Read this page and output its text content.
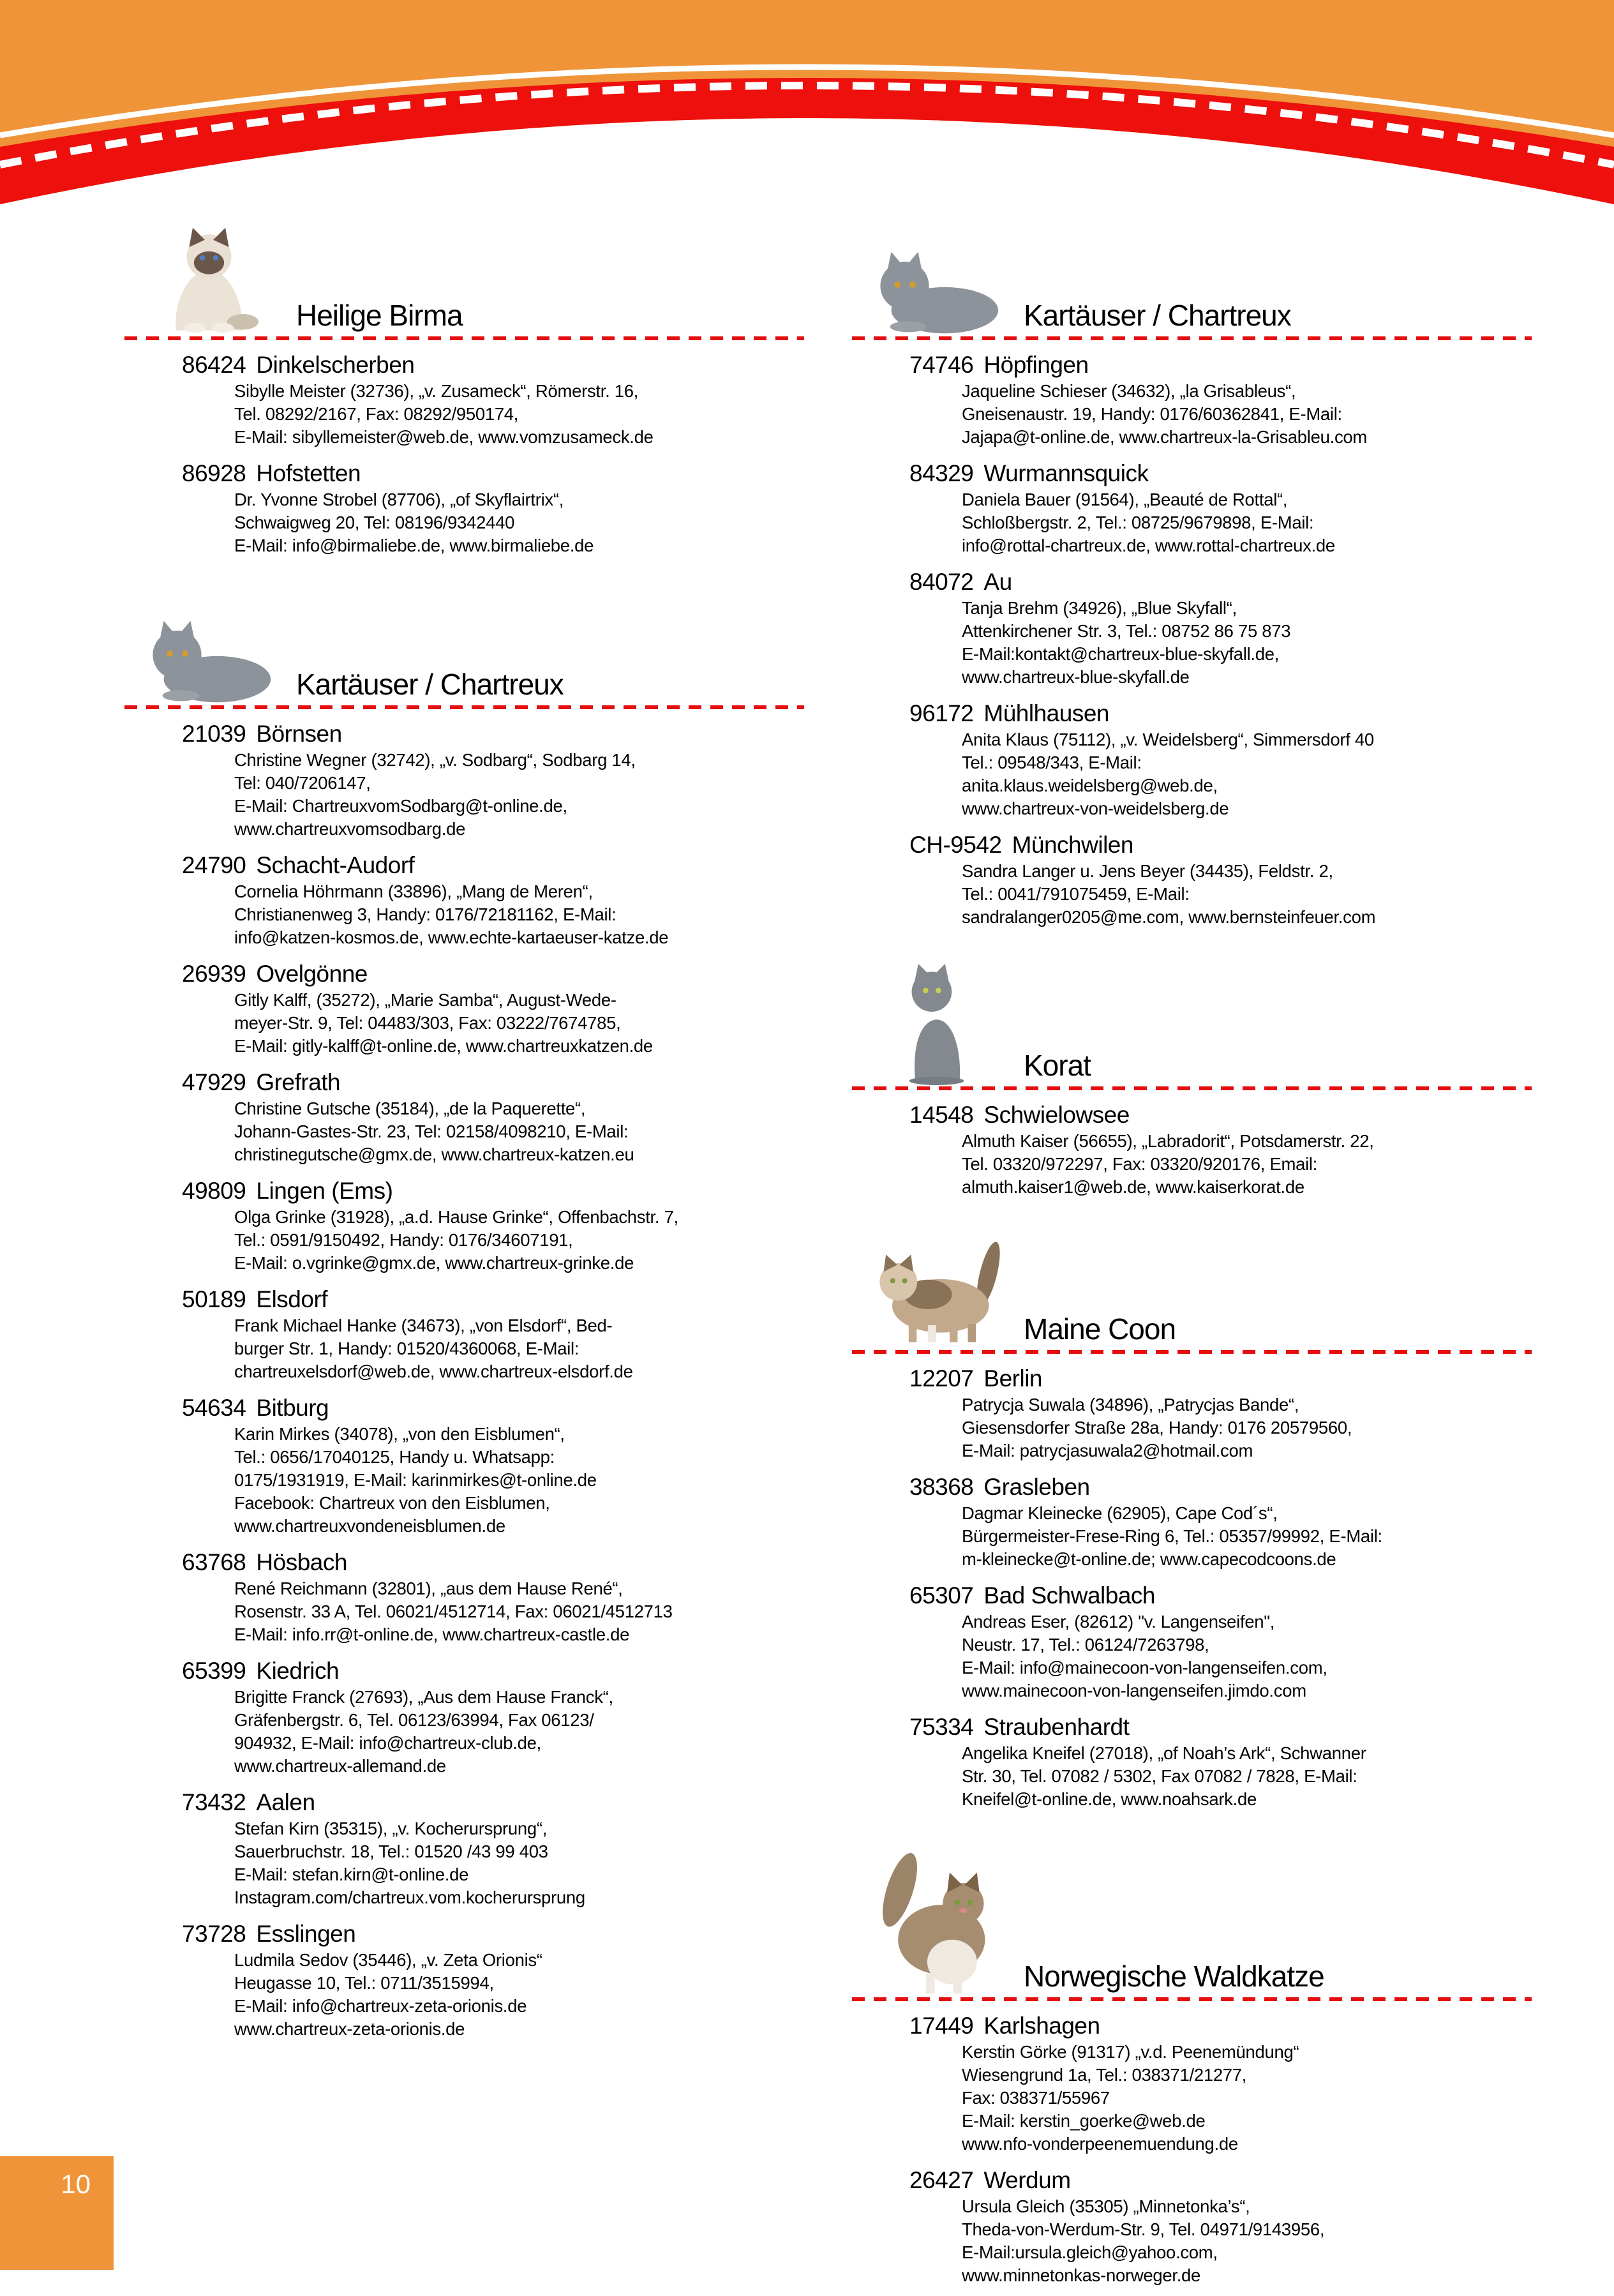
Heilige Birma
86424 Dinkelscherben
Sibylle Meister (32736), „v. Zusameck“, Römerstr. 16,
Tel. 08292/2167, Fax: 08292/950174,
E-Mail: sibyllemeister@web.de, www.vomzusameck.de
86928 Hofstetten
Dr. Yvonne Strobel (87706), „of Skyflairtrix“,
Schwaigweg 20, Tel: 08196/9342440
E-Mail: info@birmaliebe.de, www.birmaliebe.de
Kartäuser / Chartreux
21039 Börnsen
Christine Wegner (32742), „v. Sodbarg“, Sodbarg 14,
Tel: 040/7206147,
E-Mail: ChartreuxvomSodbarg@t-online.de,
www.chartreuxvomsodbarg.de
24790 Schacht-Audorf
Cornelia Höhrmann (33896), „Mang de Meren“,
Christianenweg 3, Handy: 0176/72181162, E-Mail:
info@katzen-kosmos.de, www.echte-kartaeuser-katze.de
26939 Ovelgönne
Gitly Kalff, (35272), „Marie Samba“, August-Wede-
meyer-Str. 9, Tel: 04483/303, Fax: 03222/7674785,
E-Mail: gitly-kalff@t-online.de, www.chartreuxkatzen.de
47929 Grefrath
Christine Gutsche (35184), „de la Paquerette“,
Johann-Gastes-Str. 23, Tel: 02158/4098210, E-Mail:
christinegutsche@gmx.de, www.chartreux-katzen.eu
49809 Lingen (Ems)
Olga Grinke (31928), „a.d. Hause Grinke“, Offenbachstr. 7,
Tel.: 0591/9150492, Handy: 0176/34607191,
E-Mail: o.vgrinke@gmx.de, www.chartreux-grinke.de
50189 Elsdorf
Frank Michael Hanke (34673), „von Elsdorf“, Bed-
burger Str. 1, Handy: 01520/4360068, E-Mail:
chartreuxelsdorf@web.de, www.chartreux-elsdorf.de
54634 Bitburg
Karin Mirkes (34078), „von den Eisblumen“,
Tel.: 0656/17040125, Handy u. Whatsapp:
0175/1931919, E-Mail: karinmirkes@t-online.de
Facebook: Chartreux von den Eisblumen,
www.chartreuxvondeneisblumen.de
63768 Hösbach
René Reichmann (32801), „aus dem Hause René“,
Rosenstr. 33 A, Tel. 06021/4512714, Fax: 06021/4512713
E-Mail: info.rr@t-online.de, www.chartreux-castle.de
65399 Kiedrich
Brigitte Franck (27693), „Aus dem Hause Franck“,
Gräfenbergstr. 6, Tel. 06123/63994, Fax 06123/
904932, E-Mail: info@chartreux-club.de,
www.chartreux-allemand.de
73432 Aalen
Stefan Kirn (35315), „v. Kocherursprung“,
Sauerbruchstr. 18, Tel.: 01520 /43 99 403
E-Mail: stefan.kirn@t-online.de
Instagram.com/chartreux.vom.kocherursprung
73728 Esslingen
Ludmila Sedov (35446), „v. Zeta Orionis“
Heugasse 10, Tel.: 0711/3515994,
E-Mail: info@chartreux-zeta-orionis.de
www.chartreux-zeta-orionis.de
Kartäuser / Chartreux
74746 Höpfingen
Jaqueline Schieser (34632), „la Grisableus“,
Gneisenaustr. 19, Handy: 0176/60362841, E-Mail:
Jajapa@t-online.de, www.chartreux-la-Grisableu.com
84329 Wurmannsquick
Daniela Bauer (91564), „Beauté de Rottal“,
Schloßbergstr. 2, Tel.: 08725/9679898, E-Mail:
info@rottal-chartreux.de, www.rottal-chartreux.de
84072 Au
Tanja Brehm (34926), „Blue Skyfall“,
Attenkirchener Str. 3, Tel.: 08752 86 75 873
E-Mail:kontakt@chartreux-blue-skyfall.de,
www.chartreux-blue-skyfall.de
96172 Mühlhausen
Anita Klaus (75112), „v. Weidelsberg“, Simmersdorf 40
Tel.: 09548/343, E-Mail:
anita.klaus.weidelsberg@web.de,
www.chartreux-von-weidelsberg.de
CH-9542 Münchwilen
Sandra Langer u. Jens Beyer (34435), Feldstr. 2,
Tel.: 0041/791075459, E-Mail:
sandralanger0205@me.com, www.bernsteinfeuer.com
Korat
14548 Schwielowsee
Almuth Kaiser (56655), „Labradorit“, Potsdamerstr. 22,
Tel. 03320/972297, Fax: 03320/920176, Email:
almuth.kaiser1@web.de, www.kaiserkorat.de
Maine Coon
12207 Berlin
Patrycja Suwala (34896), „Patrycjas Bande“,
Giesensdorfer Straße 28a, Handy: 0176 20579560,
E-Mail: patrycjasuwala2@hotmail.com
38368 Grasleben
Dagmar Kleinecke (62905), Cape Cod´s“,
Bürgermeister-Frese-Ring 6, Tel.: 05357/99992, E-Mail:
m-kleinecke@t-online.de; www.capecodcoons.de
65307 Bad Schwalbach
Andreas Eser, (82612) "v. Langenseifen",
Neustr. 17, Tel.: 06124/7263798,
E-Mail: info@mainecoon-von-langenseifen.com,
www.mainecoon-von-langenseifen.jimdo.com
75334 Straubenhardt
Angelika Kneifel (27018), „of Noah’s Ark“, Schwanner
Str. 30, Tel. 07082 / 5302, Fax 07082 / 7828, E-Mail:
Kneifel@t-online.de, www.noahsark.de
Norwegische Waldkatze
17449 Karlshagen
Kerstin Görke (91317) „v.d. Peenemündung“
Wiesengrund 1a, Tel.: 038371/21277,
Fax: 038371/55967
E-Mail: kerstin_goerke@web.de
www.nfo-vonderpeenemuendung.de
26427 Werdum
Ursula Gleich (35305) „Minnetonka’s“,
Theda-von-Werdum-Str. 9, Tel. 04971/9143956,
E-Mail:ursula.gleich@yahoo.com,
www.minnetonkas-norweger.de
10
